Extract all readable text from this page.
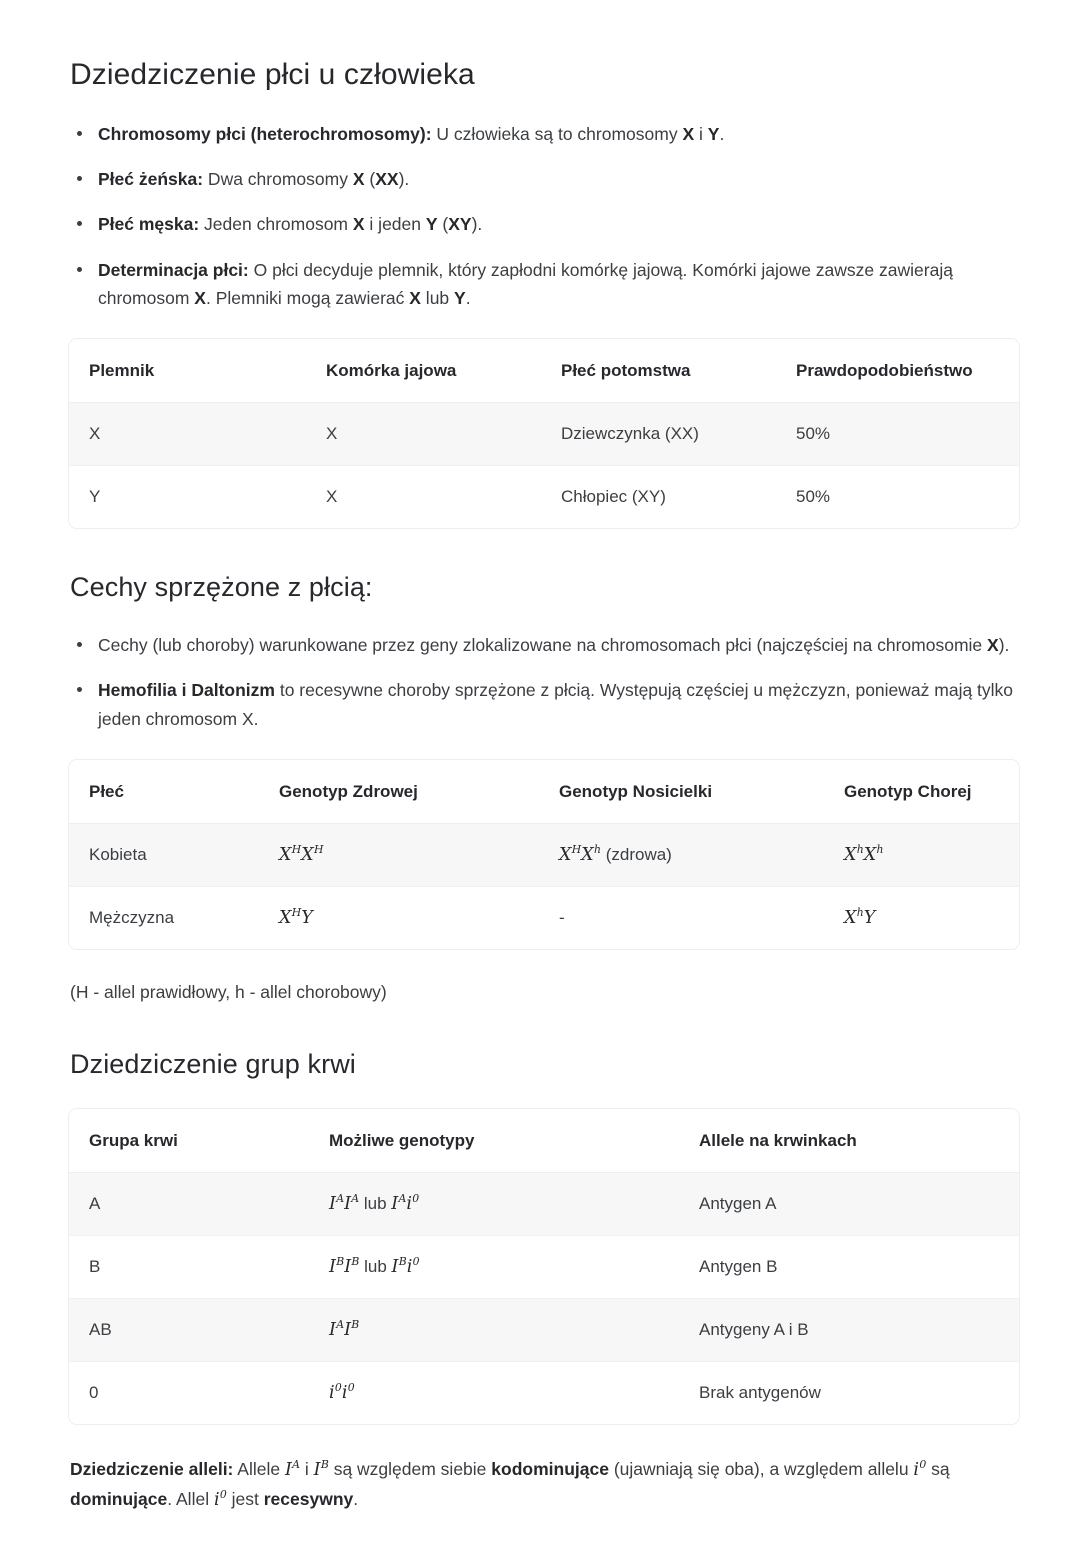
Dziedziczenie płci u człowieka
Chromosomy płci (heterochromosomy): U człowieka są to chromosomy X i Y.
Płeć żeńska: Dwa chromosomy X (XX).
Płeć męska: Jeden chromosom X i jeden Y (XY).
Determinacja płci: O płci decyduje plemnik, który zapłodni komórkę jajową. Komórki jajowe zawsze zawierają chromosom X. Plemniki mogą zawierać X lub Y.
Plemnik	Komórka jajowa	Płeć potomstwa	Prawdopodobieństwo
X	X	Dziewczynka (XX)	50%
Y	X	Chłopiec (XY)	50%
Cechy sprzężone z płcią:
Cechy (lub choroby) warunkowane przez geny zlokalizowane na chromosomach płci (najczęściej na chromosomie X).
Hemofilia i Daltonizm to recesywne choroby sprzężone z płcią. Występują częściej u mężczyzn, ponieważ mają tylko jeden chromosom X.
Płeć	Genotyp Zdrowej	Genotyp Nosicielki	Genotyp Chorej
Kobieta	$X^HX^H$	$X^HX^h$ (zdrowa)	$X^hX^h$
Mężczyzna	$X^HY$	-	$X^hY$

(H - allel prawidłowy, h - allel chorobowy)

Dziedziczenie grup krwi
Grupa krwi	Możliwe genotypy	Allele na krwinkach
A	$I^AI^A$ lub $I^Ai^0$	Antygen A
B	$I^BI^B$ lub $I^Bi^0$	Antygen B
AB	$I^AI^B$	Antygeny A i B
0	$i^0i^0$	Brak antygenów

Dziedziczenie alleli: Allele $I^A$ i $I^B$ są względem siebie kodominujące (ujawniają się oba), a względem allelu $i^0$ są dominujące. Allel $i^0$ jest recesywny.
